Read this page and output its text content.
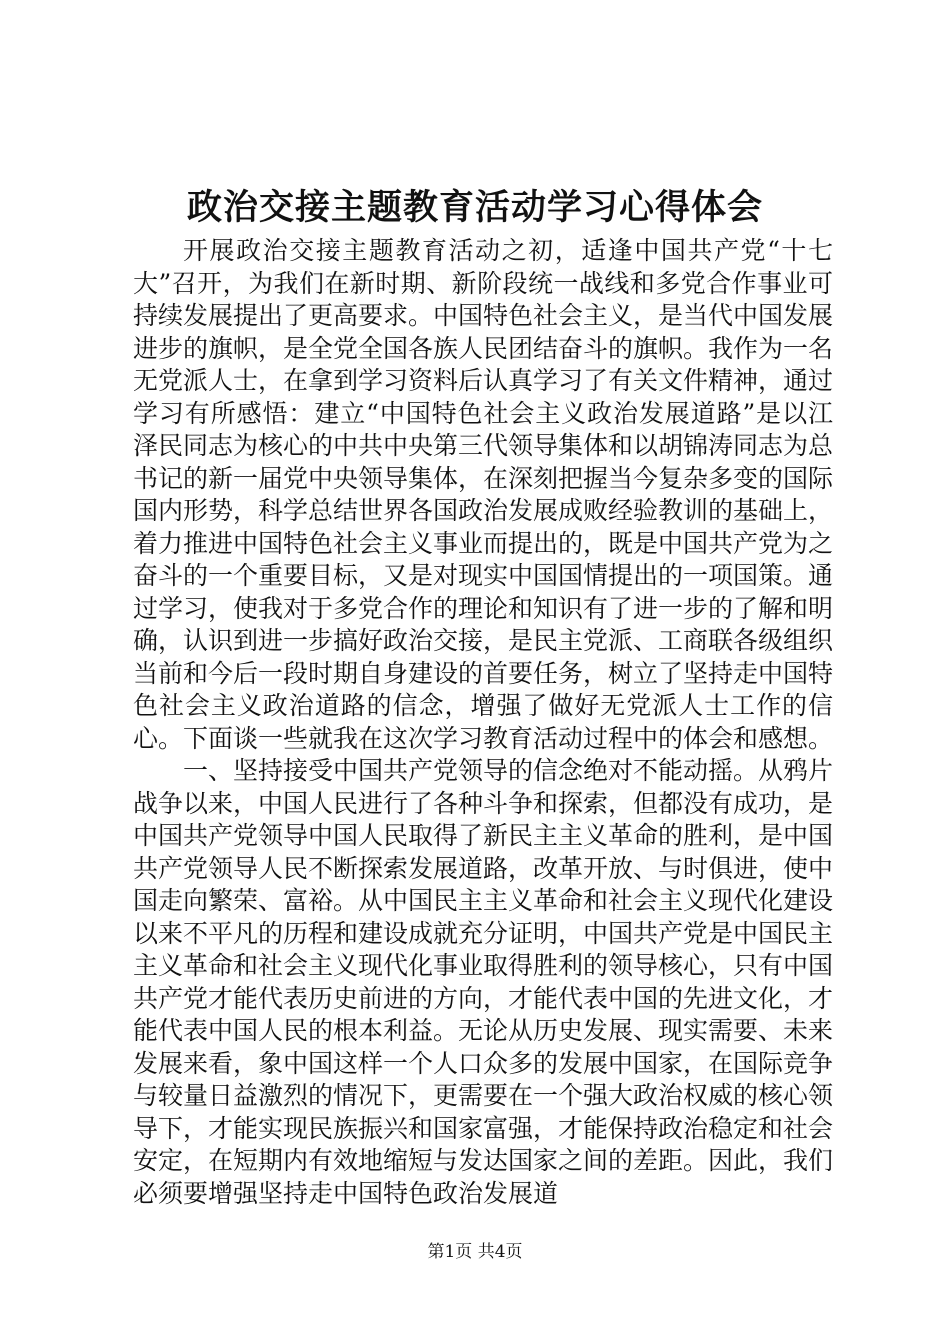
政治交接主题教育活动学习心得体会

开展政治交接主题教育活动之初，适逢中国共产党“十七大”召开，为我们在新时期、新阶段统一战线和多党合作事业可持续发展提出了更高要求。中国特色社会主义，是当代中国发展进步的旗帜，是全党全国各族人民团结奋斗的旗帜。我作为一名无党派人士，在拿到学习资料后认真学习了有关文件精神，通过学习有所感悟：建立“中国特色社会主义政治发展道路”是以江泽民同志为核心的中共中央第三代领导集体和以胡锦涛同志为总书记的新一届党中央领导集体，在深刻把握当今复杂多变的国际国内形势，科学总结世界各国政治发展成败经验教训的基础上，着力推进中国特色社会主义事业而提出的，既是中国共产党为之奋斗的一个重要目标，又是对现实中国国情提出的一项国策。通过学习，使我对于多党合作的理论和知识有了进一步的了解和明确，认识到进一步搞好政治交接，是民主党派、工商联各级组织当前和今后一段时期自身建设的首要任务，树立了坚持走中国特色社会主义政治道路的信念，增强了做好无党派人士工作的信心。下面谈一些就我在这次学习教育活动过程中的体会和感想。

一、坚持接受中国共产党领导的信念绝对不能动摇。从鸦片战争以来，中国人民进行了各种斗争和探索，但都没有成功，是中国共产党领导中国人民取得了新民主主义革命的胜利，是中国共产党领导人民不断探索发展道路，改革开放、与时俱进，使中国走向繁荣、富裕。从中国民主主义革命和社会主义现代化建设以来不平凡的历程和建设成就充分证明，中国共产党是中国民主主义革命和社会主义现代化事业取得胜利的领导核心，只有中国共产党才能代表历史前进的方向，才能代表中国的先进文化，才能代表中国人民的根本利益。无论从历史发展、现实需要、未来发展来看，象中国这样一个人口众多的发展中国家，在国际竞争与较量日益激烈的情况下，更需要在一个强大政治权威的核心领导下，才能实现民族振兴和国家富强，才能保持政治稳定和社会安定，在短期内有效地缩短与发达国家之间的差距。因此，我们必须要增强坚持走中国特色政治发展道

第1页 共4页
